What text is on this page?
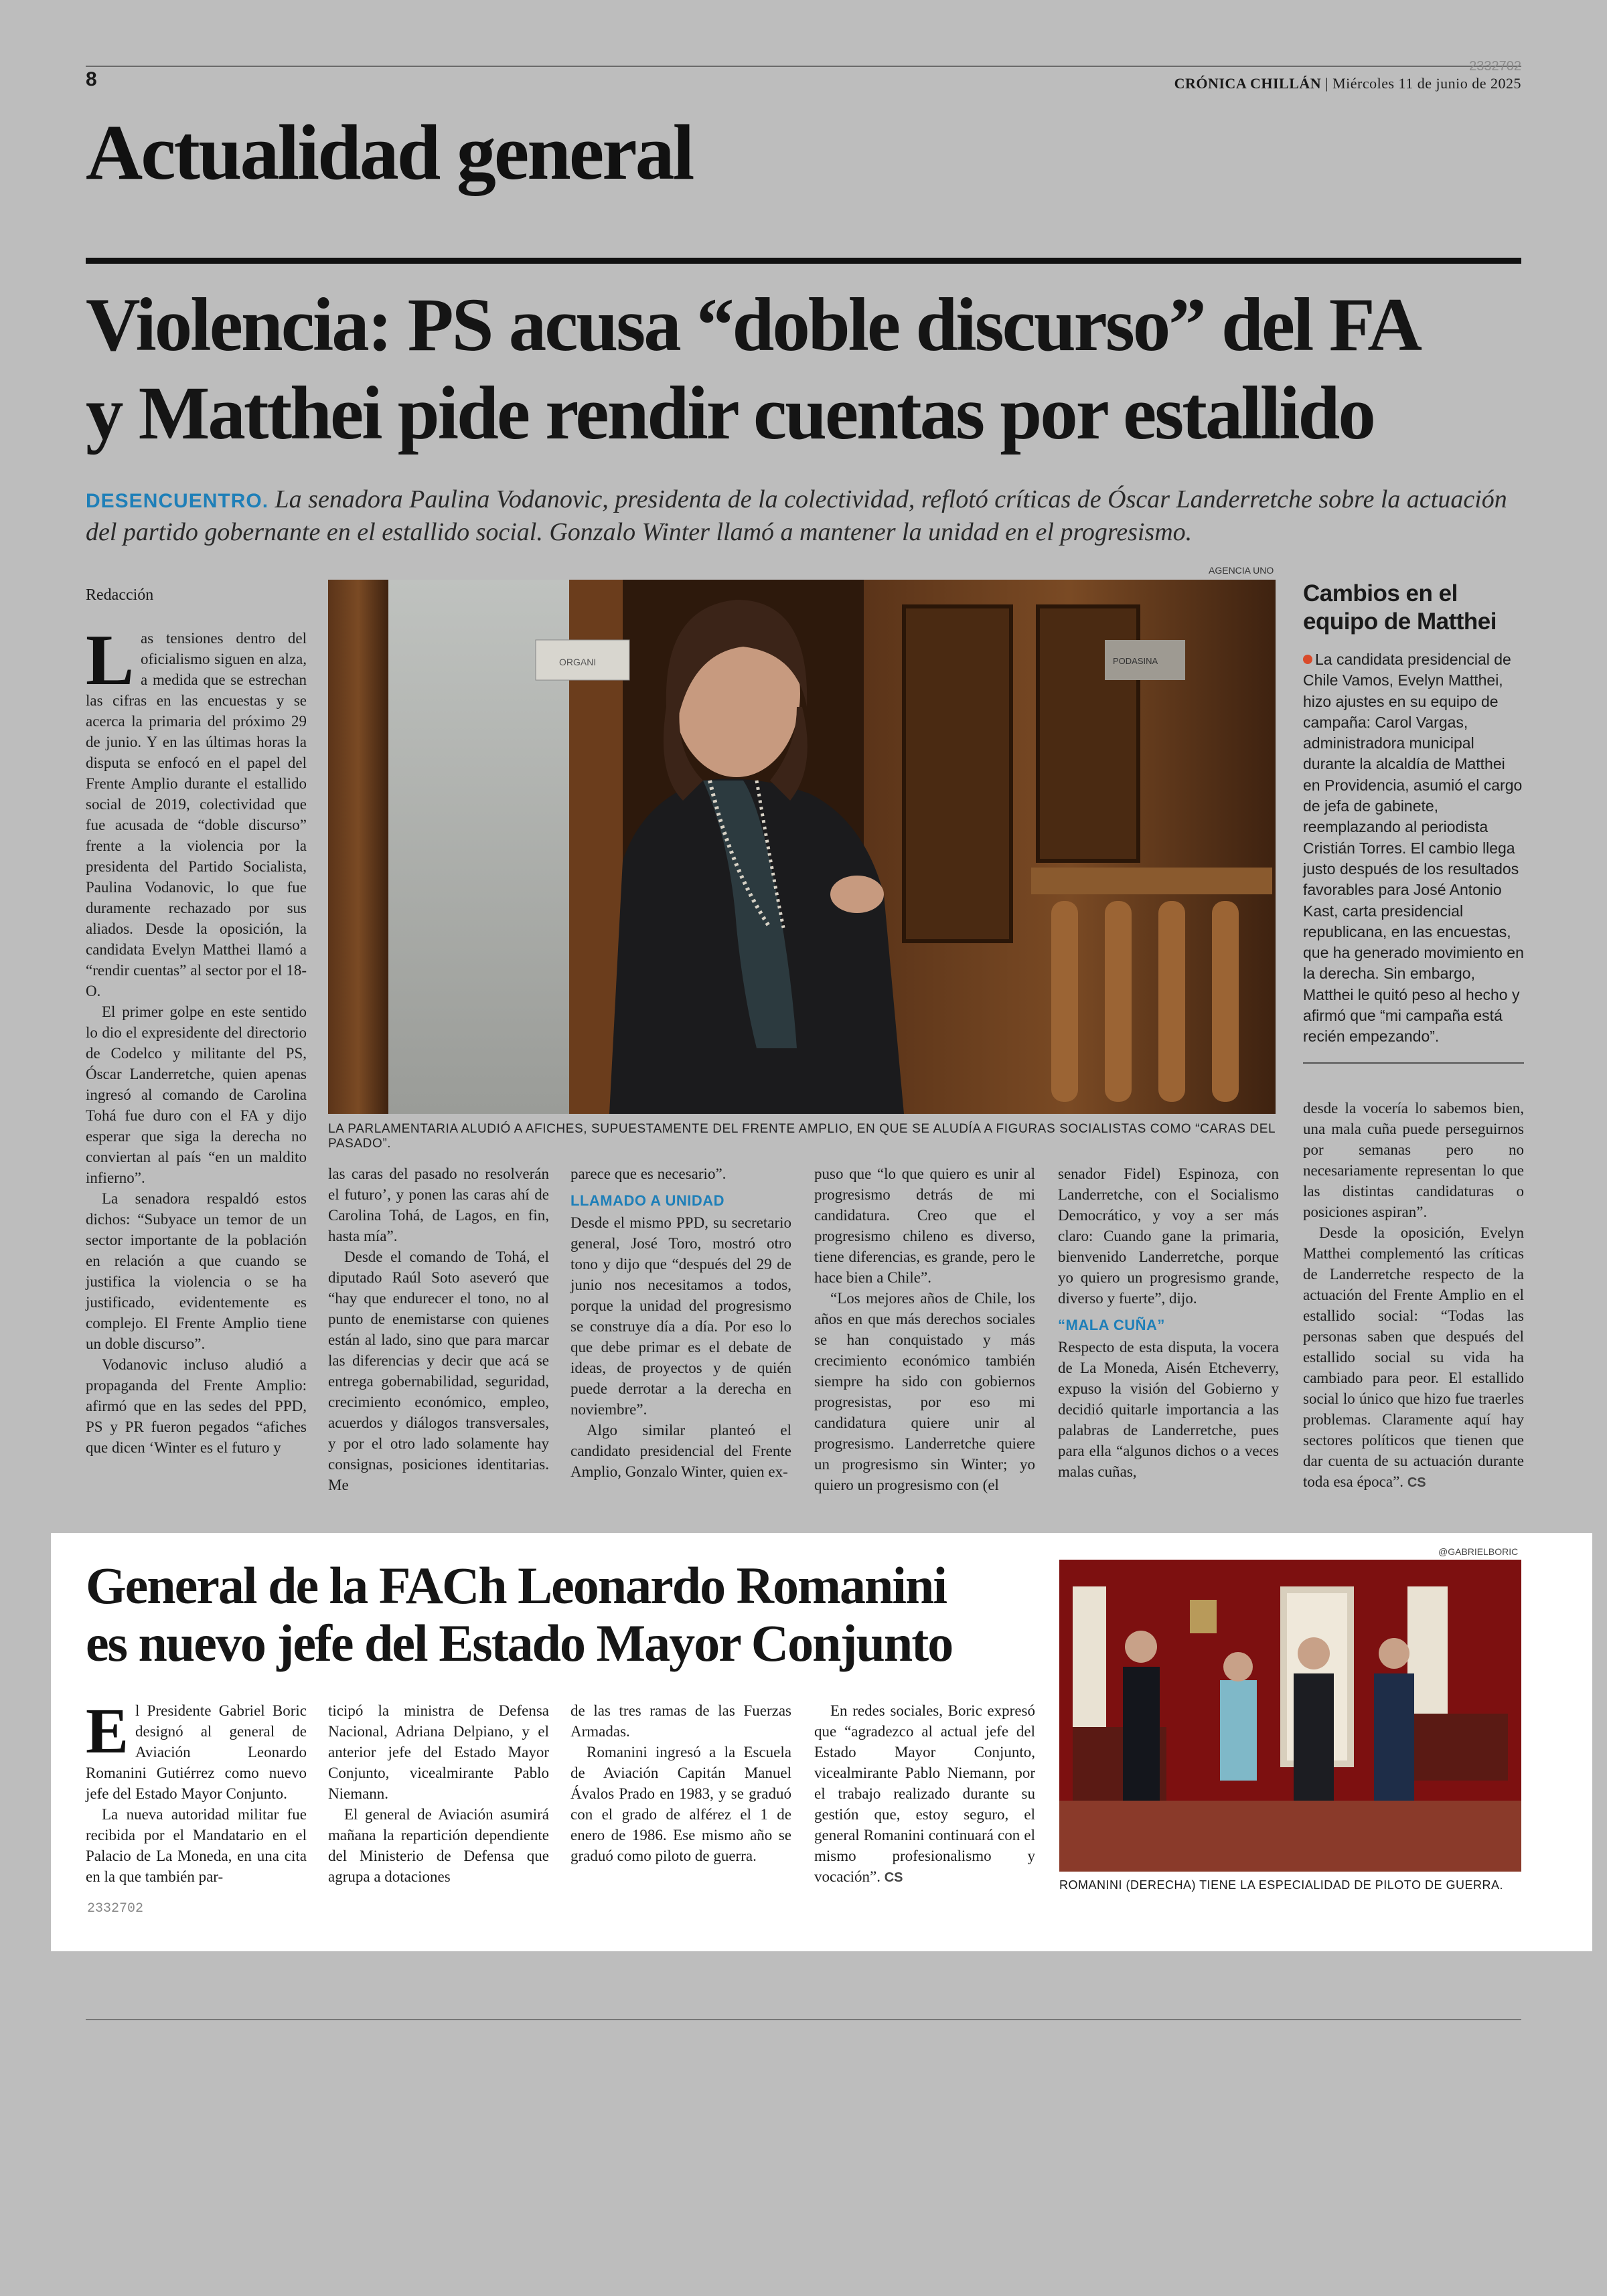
8
2332702
CRÓNICA CHILLÁN | Miércoles 11 de junio de 2025
Actualidad general
Violencia: PS acusa “doble discurso” del FA
y Matthei pide rendir cuentas por estallido
DESENCUENTRO. La senadora Paulina Vodanovic, presidenta de la colectividad, reflotó críticas de Óscar Landerretche sobre la actuación del partido gobernante en el estallido social. Gonzalo Winter llamó a mantener la unidad en el progresismo.
Redacción
AGENCIA UNO
ORGANI	PODASINA
LA PARLAMENTARIA ALUDIÓ A AFICHES, SUPUESTAMENTE DEL FRENTE AMPLIO, EN QUE SE ALUDÍA A FIGURAS SOCIALISTAS COMO “CARAS DEL PASADO”.

Las tensiones dentro del oficialismo siguen en alza, a medida que se estrechan las cifras en las encuestas y se acerca la primaria del próximo 29 de junio. Y en las últimas horas la disputa se enfocó en el papel del Frente Amplio durante el estallido social de 2019, colectividad que fue acusada de “doble discurso” frente a la violencia por la presidenta del Partido Socialista, Paulina Vodanovic, lo que fue duramente rechazado por sus aliados. Desde la oposición, la candidata Evelyn Matthei llamó a “rendir cuentas” al sector por el 18-O.

El primer golpe en este sentido lo dio el expresidente del directorio de Codelco y militante del PS, Óscar Landerretche, quien apenas ingresó al comando de Carolina Tohá fue duro con el FA y dijo esperar que siga la derecha no conviertan al país “en un maldito infierno”.

La senadora respaldó estos dichos: “Subyace un temor de un sector importante de la población en relación a que cuando se justifica la violencia o se ha justificado, evidentemente es complejo. El Frente Amplio tiene un doble discurso”.

Vodanovic incluso aludió a propaganda del Frente Amplio: afirmó que en las sedes del PPD, PS y PR fueron pegados “afiches que dicen ‘Winter es el futuro y

las caras del pasado no resolverán el futuro’, y ponen las caras ahí de Carolina Tohá, de Lagos, en fin, hasta mía”.

Desde el comando de Tohá, el diputado Raúl Soto aseveró que “hay que endurecer el tono, no al punto de enemistarse con quienes están al lado, sino que para marcar las diferencias y decir que acá se entrega gobernabilidad, seguridad, crecimiento económico, empleo, acuerdos y diálogos transversales, y por el otro lado solamente hay consignas, posiciones identitarias. Me

parece que es necesario”.

LLAMADO A UNIDAD

Desde el mismo PPD, su secretario general, José Toro, mostró otro tono y dijo que “después del 29 de junio nos necesitamos a todos, porque la unidad del progresismo se construye día a día. Por eso lo que debe primar es el debate de ideas, de proyectos y de quién puede derrotar a la derecha en noviembre”.

Algo similar planteó el candidato presidencial del Frente Amplio, Gonzalo Winter, quien ex-

puso que “lo que quiero es unir al progresismo detrás de mi candidatura. Creo que el progresismo chileno es diverso, tiene diferencias, es grande, pero le hace bien a Chile”.

“Los mejores años de Chile, los años en que más derechos sociales se han conquistado y más crecimiento económico también siempre ha sido con gobiernos progresistas, por eso mi candidatura quiere unir al progresismo. Landerretche quiere un progresismo sin Winter; yo quiero un progresismo con (el

senador Fidel) Espinoza, con Landerretche, con el Socialismo Democrático, y voy a ser más claro: Cuando gane la primaria, bienvenido Landerretche, porque yo quiero un progresismo grande, diverso y fuerte”, dijo.

“MALA CUÑA”

Respecto de esta disputa, la vocera de La Moneda, Aisén Etcheverry, expuso la visión del Gobierno y decidió quitarle importancia a las palabras de Landerretche, pues para ella “algunos dichos o a veces malas cuñas,

desde la vocería lo sabemos bien, una mala cuña puede perseguirnos por semanas pero no necesariamente representan lo que las distintas candidaturas o posiciones aspiran”.

Desde la oposición, Evelyn Matthei complementó las críticas de Landerretche respecto de la actuación del Frente Amplio en el estallido social: “Todas las personas saben que después del estallido social su vida ha cambiado para peor. El estallido social lo único que hizo fue traerles problemas. Claramente aquí hay sectores políticos que tienen que dar cuenta de su actuación durante toda esa época”. CS

Cambios en el equipo de Matthei
La candidata presidencial de Chile Vamos, Evelyn Matthei, hizo ajustes en su equipo de campaña: Carol Vargas, administradora municipal durante la alcaldía de Matthei en Providencia, asumió el cargo de jefa de gabinete, reemplazando al periodista Cristián Torres. El cambio llega justo después de los resultados favorables para José Antonio Kast, carta presidencial republicana, en las encuestas, que ha generado movimiento en la derecha. Sin embargo, Matthei le quitó peso al hecho y afirmó que “mi campaña está recién empezando”.
General de la FACh Leonardo Romanini
es nuevo jefe del Estado Mayor Conjunto
@GABRIELBORIC
ROMANINI (DERECHA) TIENE LA ESPECIALIDAD DE PILOTO DE GUERRA.

El Presidente Gabriel Boric designó al general de Aviación Leonardo Romanini Gutiérrez como nuevo jefe del Estado Mayor Conjunto.

La nueva autoridad militar fue recibida por el Mandatario en el Palacio de La Moneda, en una cita en la que también par-

ticipó la ministra de Defensa Nacional, Adriana Delpiano, y el anterior jefe del Estado Mayor Conjunto, vicealmirante Pablo Niemann.

El general de Aviación asumirá mañana la repartición dependiente del Ministerio de Defensa que agrupa a dotaciones

de las tres ramas de las Fuerzas Armadas.

Romanini ingresó a la Escuela de Aviación Capitán Manuel Ávalos Prado en 1983, y se graduó con el grado de alférez el 1 de enero de 1986. Ese mismo año se graduó como piloto de guerra.

En redes sociales, Boric expresó que “agradezco al actual jefe del Estado Mayor Conjunto, vicealmirante Pablo Niemann, por el trabajo realizado durante su gestión que, estoy seguro, el general Romanini continuará con el mismo profesionalismo y vocación”. CS

2332702
